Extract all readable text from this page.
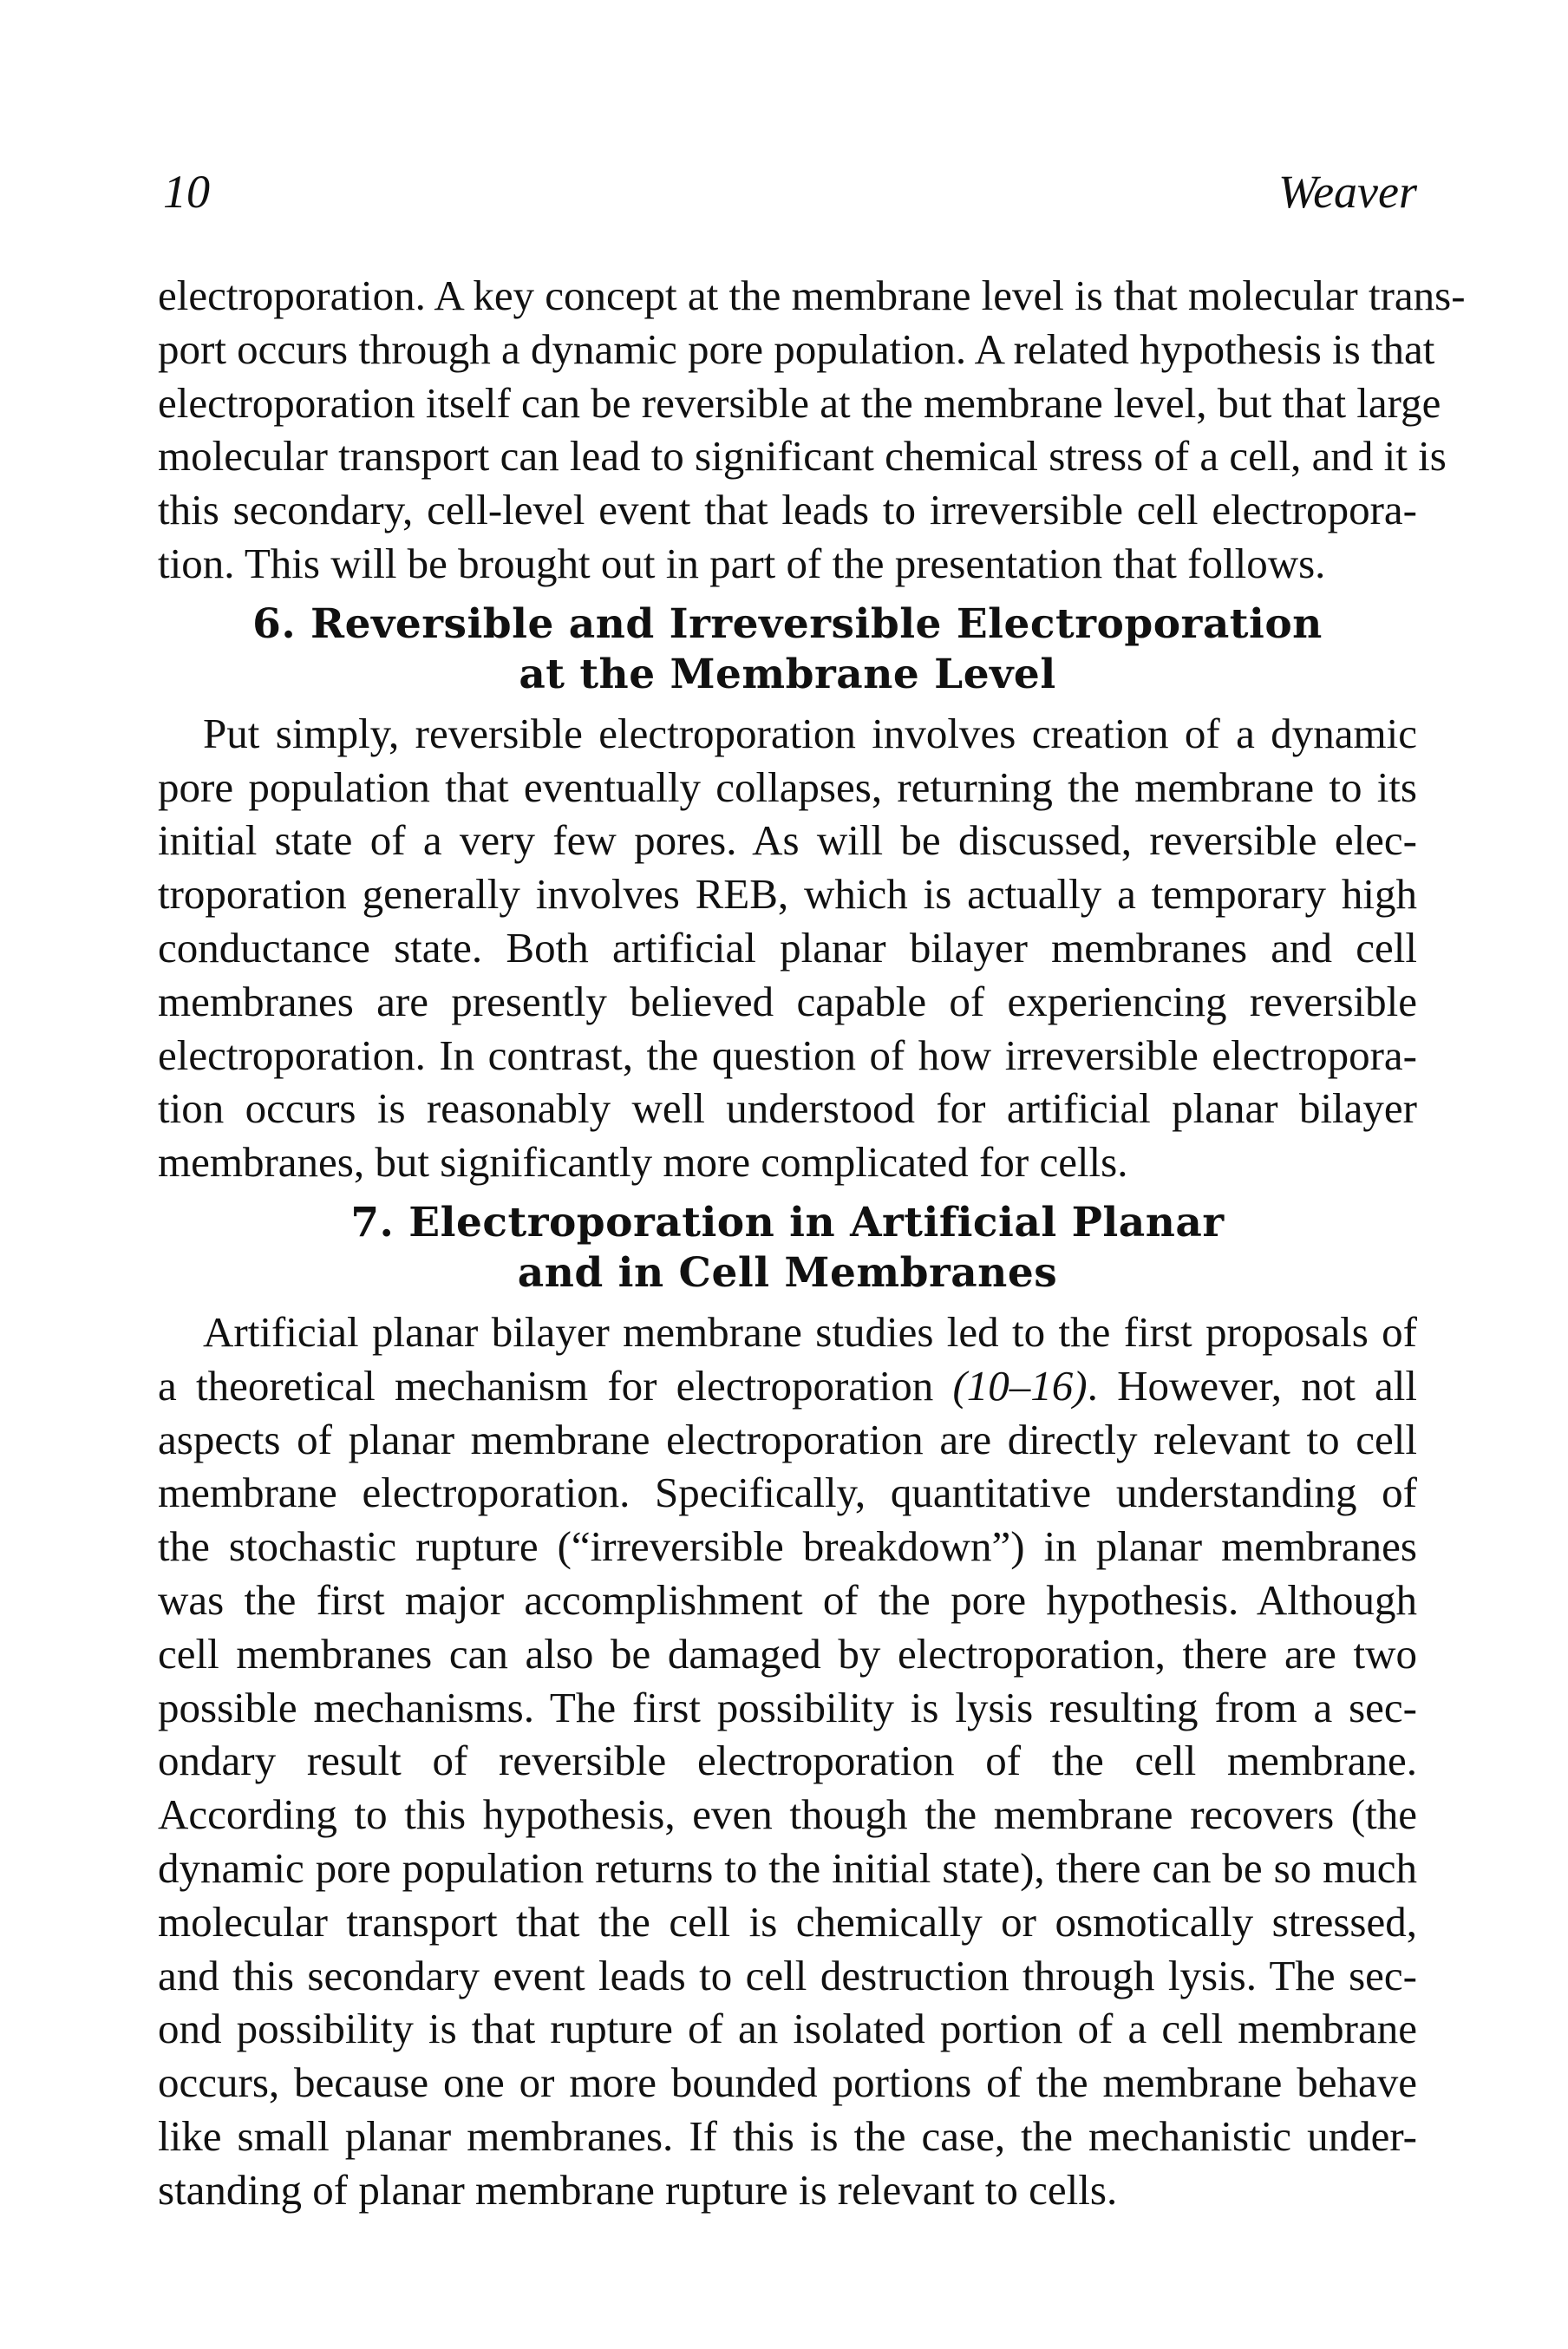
10	Weaver
electroporation. A key concept at the membrane level is that molecular trans-
port occurs through a dynamic pore population. A related hypothesis is that
electroporation itself can be reversible at the membrane level, but that large
molecular transport can lead to significant chemical stress of a cell, and it is
this secondary, cell-level event that leads to irreversible cell electropora-
tion. This will be brought out in part of the presentation that follows.
6. Reversible and Irreversible Electroporation
at the Membrane Level
Put simply, reversible electroporation involves creation of a dynamic
pore population that eventually collapses, returning the membrane to its
initial state of a very few pores. As will be discussed, reversible elec-
troporation generally involves REB, which is actually a temporary high
conductance state. Both artificial planar bilayer membranes and cell
membranes are presently believed capable of experiencing reversible
electroporation. In contrast, the question of how irreversible electropora-
tion occurs is reasonably well understood for artificial planar bilayer
membranes, but significantly more complicated for cells.
7. Electroporation in Artificial Planar
and in Cell Membranes
Artificial planar bilayer membrane studies led to the first proposals of
a theoretical mechanism for electroporation (10–16). However, not all
aspects of planar membrane electroporation are directly relevant to cell
membrane electroporation. Specifically, quantitative understanding of
the stochastic rupture (“irreversible breakdown”) in planar membranes
was the first major accomplishment of the pore hypothesis. Although
cell membranes can also be damaged by electroporation, there are two
possible mechanisms. The first possibility is lysis resulting from a sec-
ondary result of reversible electroporation of the cell membrane.
According to this hypothesis, even though the membrane recovers (the
dynamic pore population returns to the initial state), there can be so much
molecular transport that the cell is chemically or osmotically stressed,
and this secondary event leads to cell destruction through lysis. The sec-
ond possibility is that rupture of an isolated portion of a cell membrane
occurs, because one or more bounded portions of the membrane behave
like small planar membranes. If this is the case, the mechanistic under-
standing of planar membrane rupture is relevant to cells.
